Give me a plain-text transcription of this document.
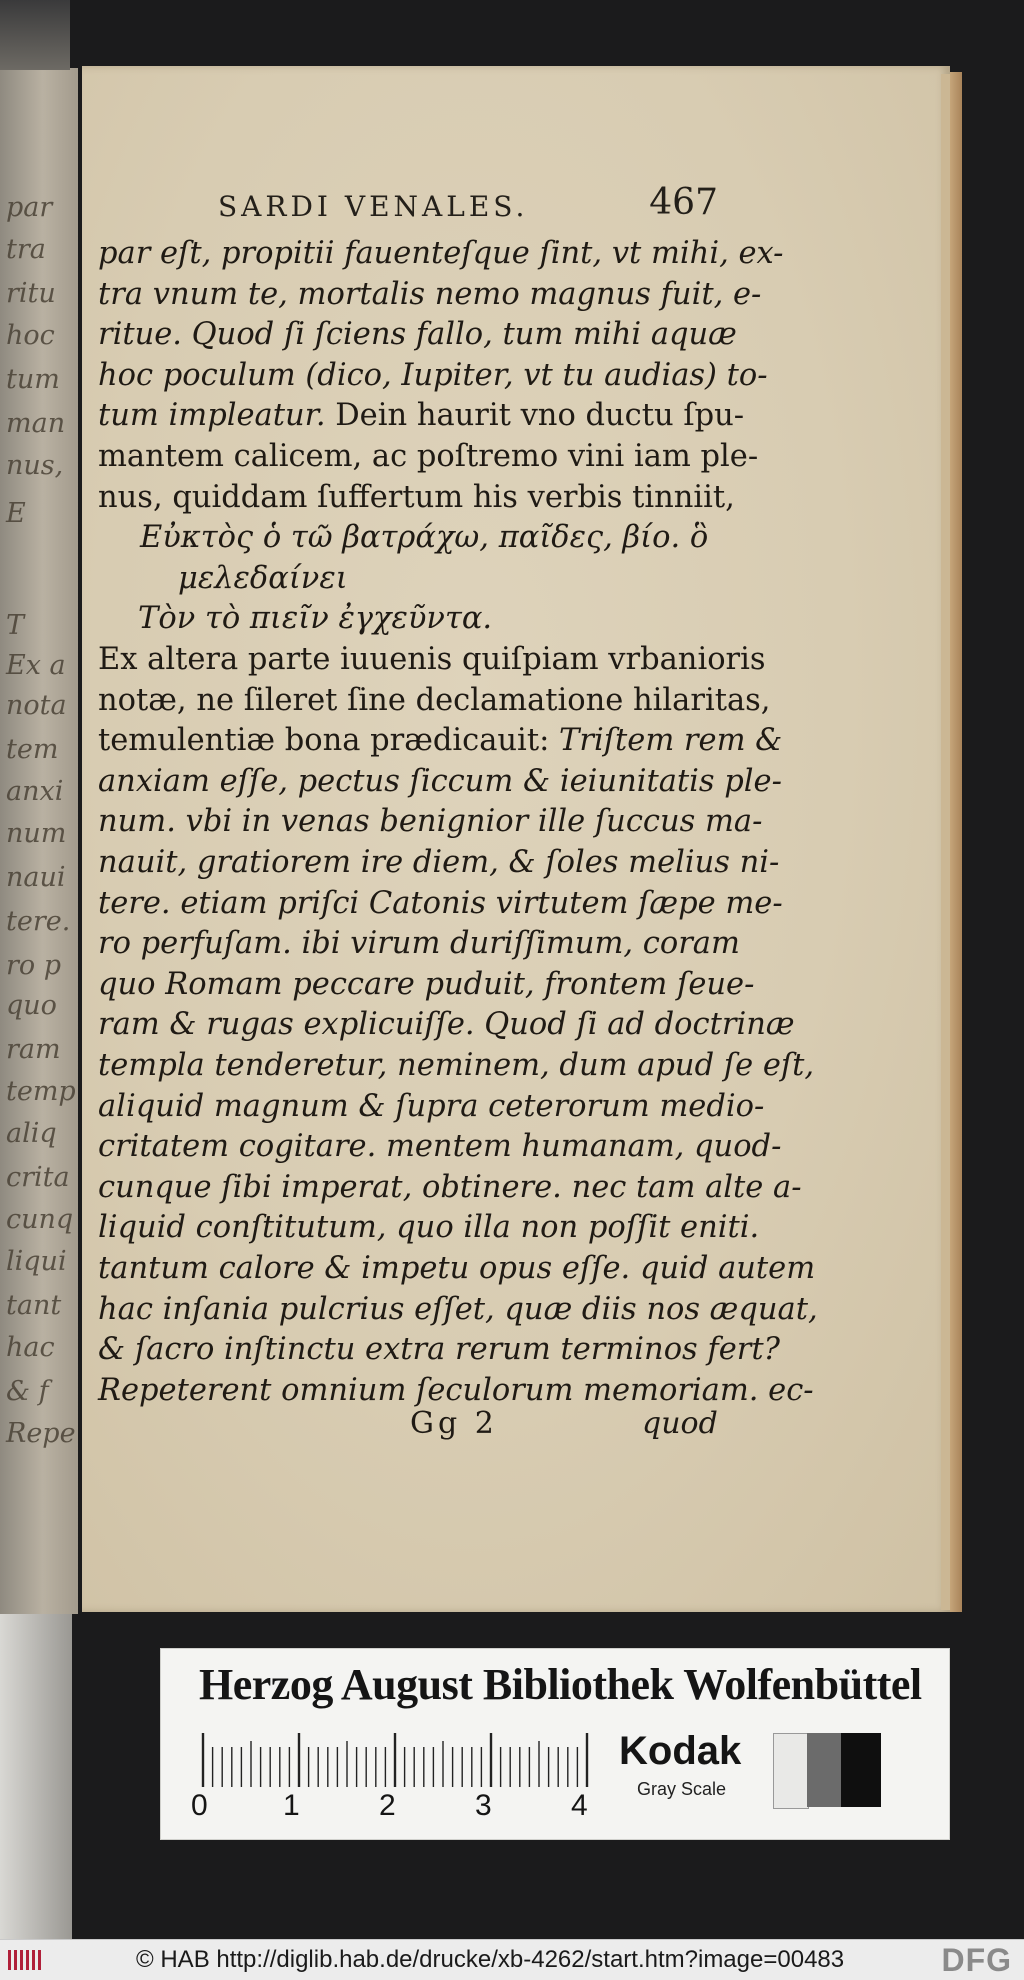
par
tra
ritu
hoc
tum
man
nus,
E
T
Ex a
nota
tem
anxi
num
naui
tere.
ro p
quo
ram
temp
aliq
crita
cunq
liqui
tant
hac
& f
Repe
SARDI VENALES.	467
par eſt, propitii fauenteſque ſint, vt mihi, ex-
tra vnum te, mortalis nemo magnus fuit, e-
ritue. Quod ſi ſciens fallo, tum mihi aquæ
hoc poculum (dico, Iupiter, vt tu audias) to-
tum impleatur. Dein haurit vno ductu ſpu-
mantem calicem, ac poſtremo vini iam ple-
nus, quiddam ſuffertum his verbis tinniit,
Εὐκτὸς ὁ τῶ βατράχω, παῖδες, βίο. ὃ
μελεδαίνει
Τὸν τὸ πιεῖν ἐγχεῦντα.
Ex altera parte iuuenis quiſpiam vrbanioris
notæ, ne ſileret ſine declamatione hilaritas,
temulentiæ bona prædicauit: Triſtem rem &
anxiam eſſe, pectus ſiccum & ieiunitatis ple-
num. vbi in venas benignior ille ſuccus ma-
nauit, gratiorem ire diem, & ſoles melius ni-
tere. etiam priſci Catonis virtutem ſæpe me-
ro perfuſam. ibi virum duriſſimum, coram
quo Romam peccare puduit, frontem ſeue-
ram & rugas explicuiſſe. Quod ſi ad doctrinæ
templa tenderetur, neminem, dum apud ſe eſt,
aliquid magnum & ſupra ceterorum medio-
critatem cogitare. mentem humanam, quod-
cunque ſibi imperat, obtinere. nec tam alte a-
liquid conſtitutum, quo illa non poſſit eniti.
tantum calore & impetu opus eſſe. quid autem
hac inſania pulcrius eſſet, quæ diis nos æquat,
& ſacro inſtinctu extra rerum terminos fert?
Repeterent omnium ſeculorum memoriam. ec-
Gg 2	quod
Herzog August Bibliothek Wolfenbüttel
0	1	2	3	4
Kodak
Gray Scale
© HAB http://diglib.hab.de/drucke/xb-4262/start.htm?image=00483	DFG
